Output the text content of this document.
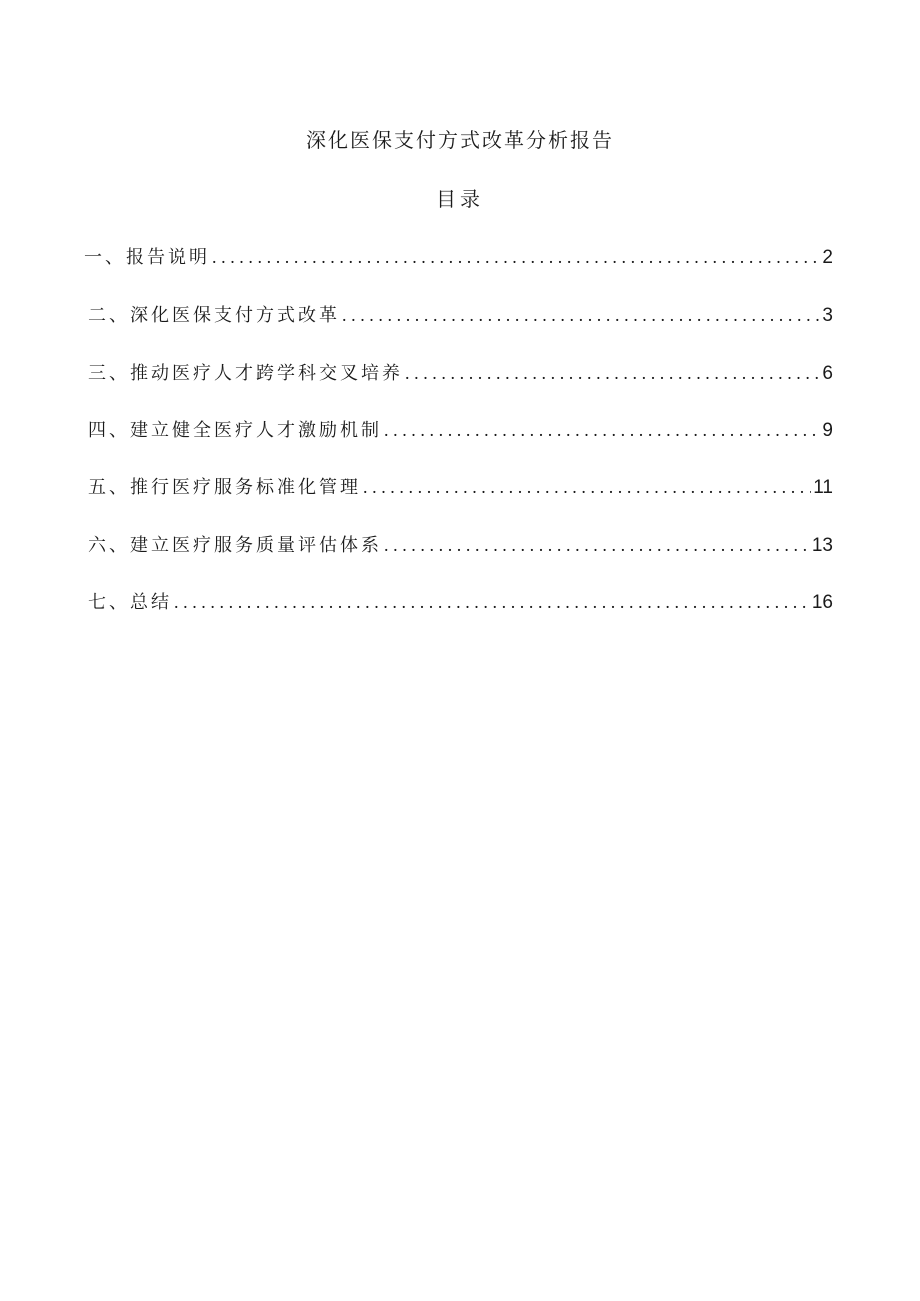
深化医保支付方式改革分析报告
目录
一、报告说明 .....	2
二、深化医保支付方式改革 .....	3
三、推动医疗人才跨学科交叉培养 .....	6
四、建立健全医疗人才激励机制 .....	9
五、推行医疗服务标准化管理 .....	11
六、建立医疗服务质量评估体系 .....	13
七、总结 .....	16
